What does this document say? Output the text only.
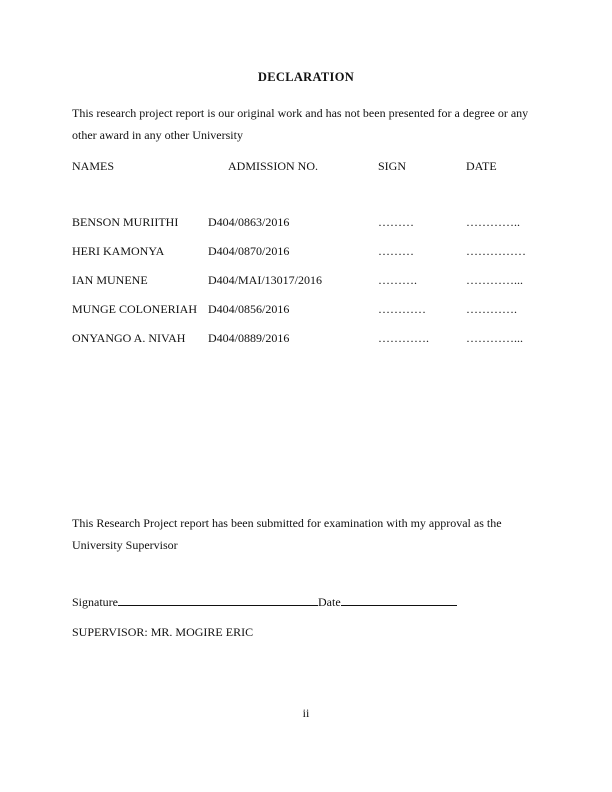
DECLARATION

This research project report is our original work and has not been presented for a degree or any other award in any other University

NAMES	ADMISSION NO.	SIGN	DATE
BENSON MURIITHI	D404/0863/2016	………	…………..
HERI KAMONYA	D404/0870/2016	………	……………
IAN MUNENE	D404/MAI/13017/2016	……….	…………...
MUNGE COLONERIAH D404/0856/2016	…………	………….
ONYANGO A. NIVAH	D404/0889/2016	………….	…………...

This Research Project report has been submitted for examination with my approval as the University Supervisor

Signature	Date
SUPERVISOR: MR. MOGIRE ERIC
ii
